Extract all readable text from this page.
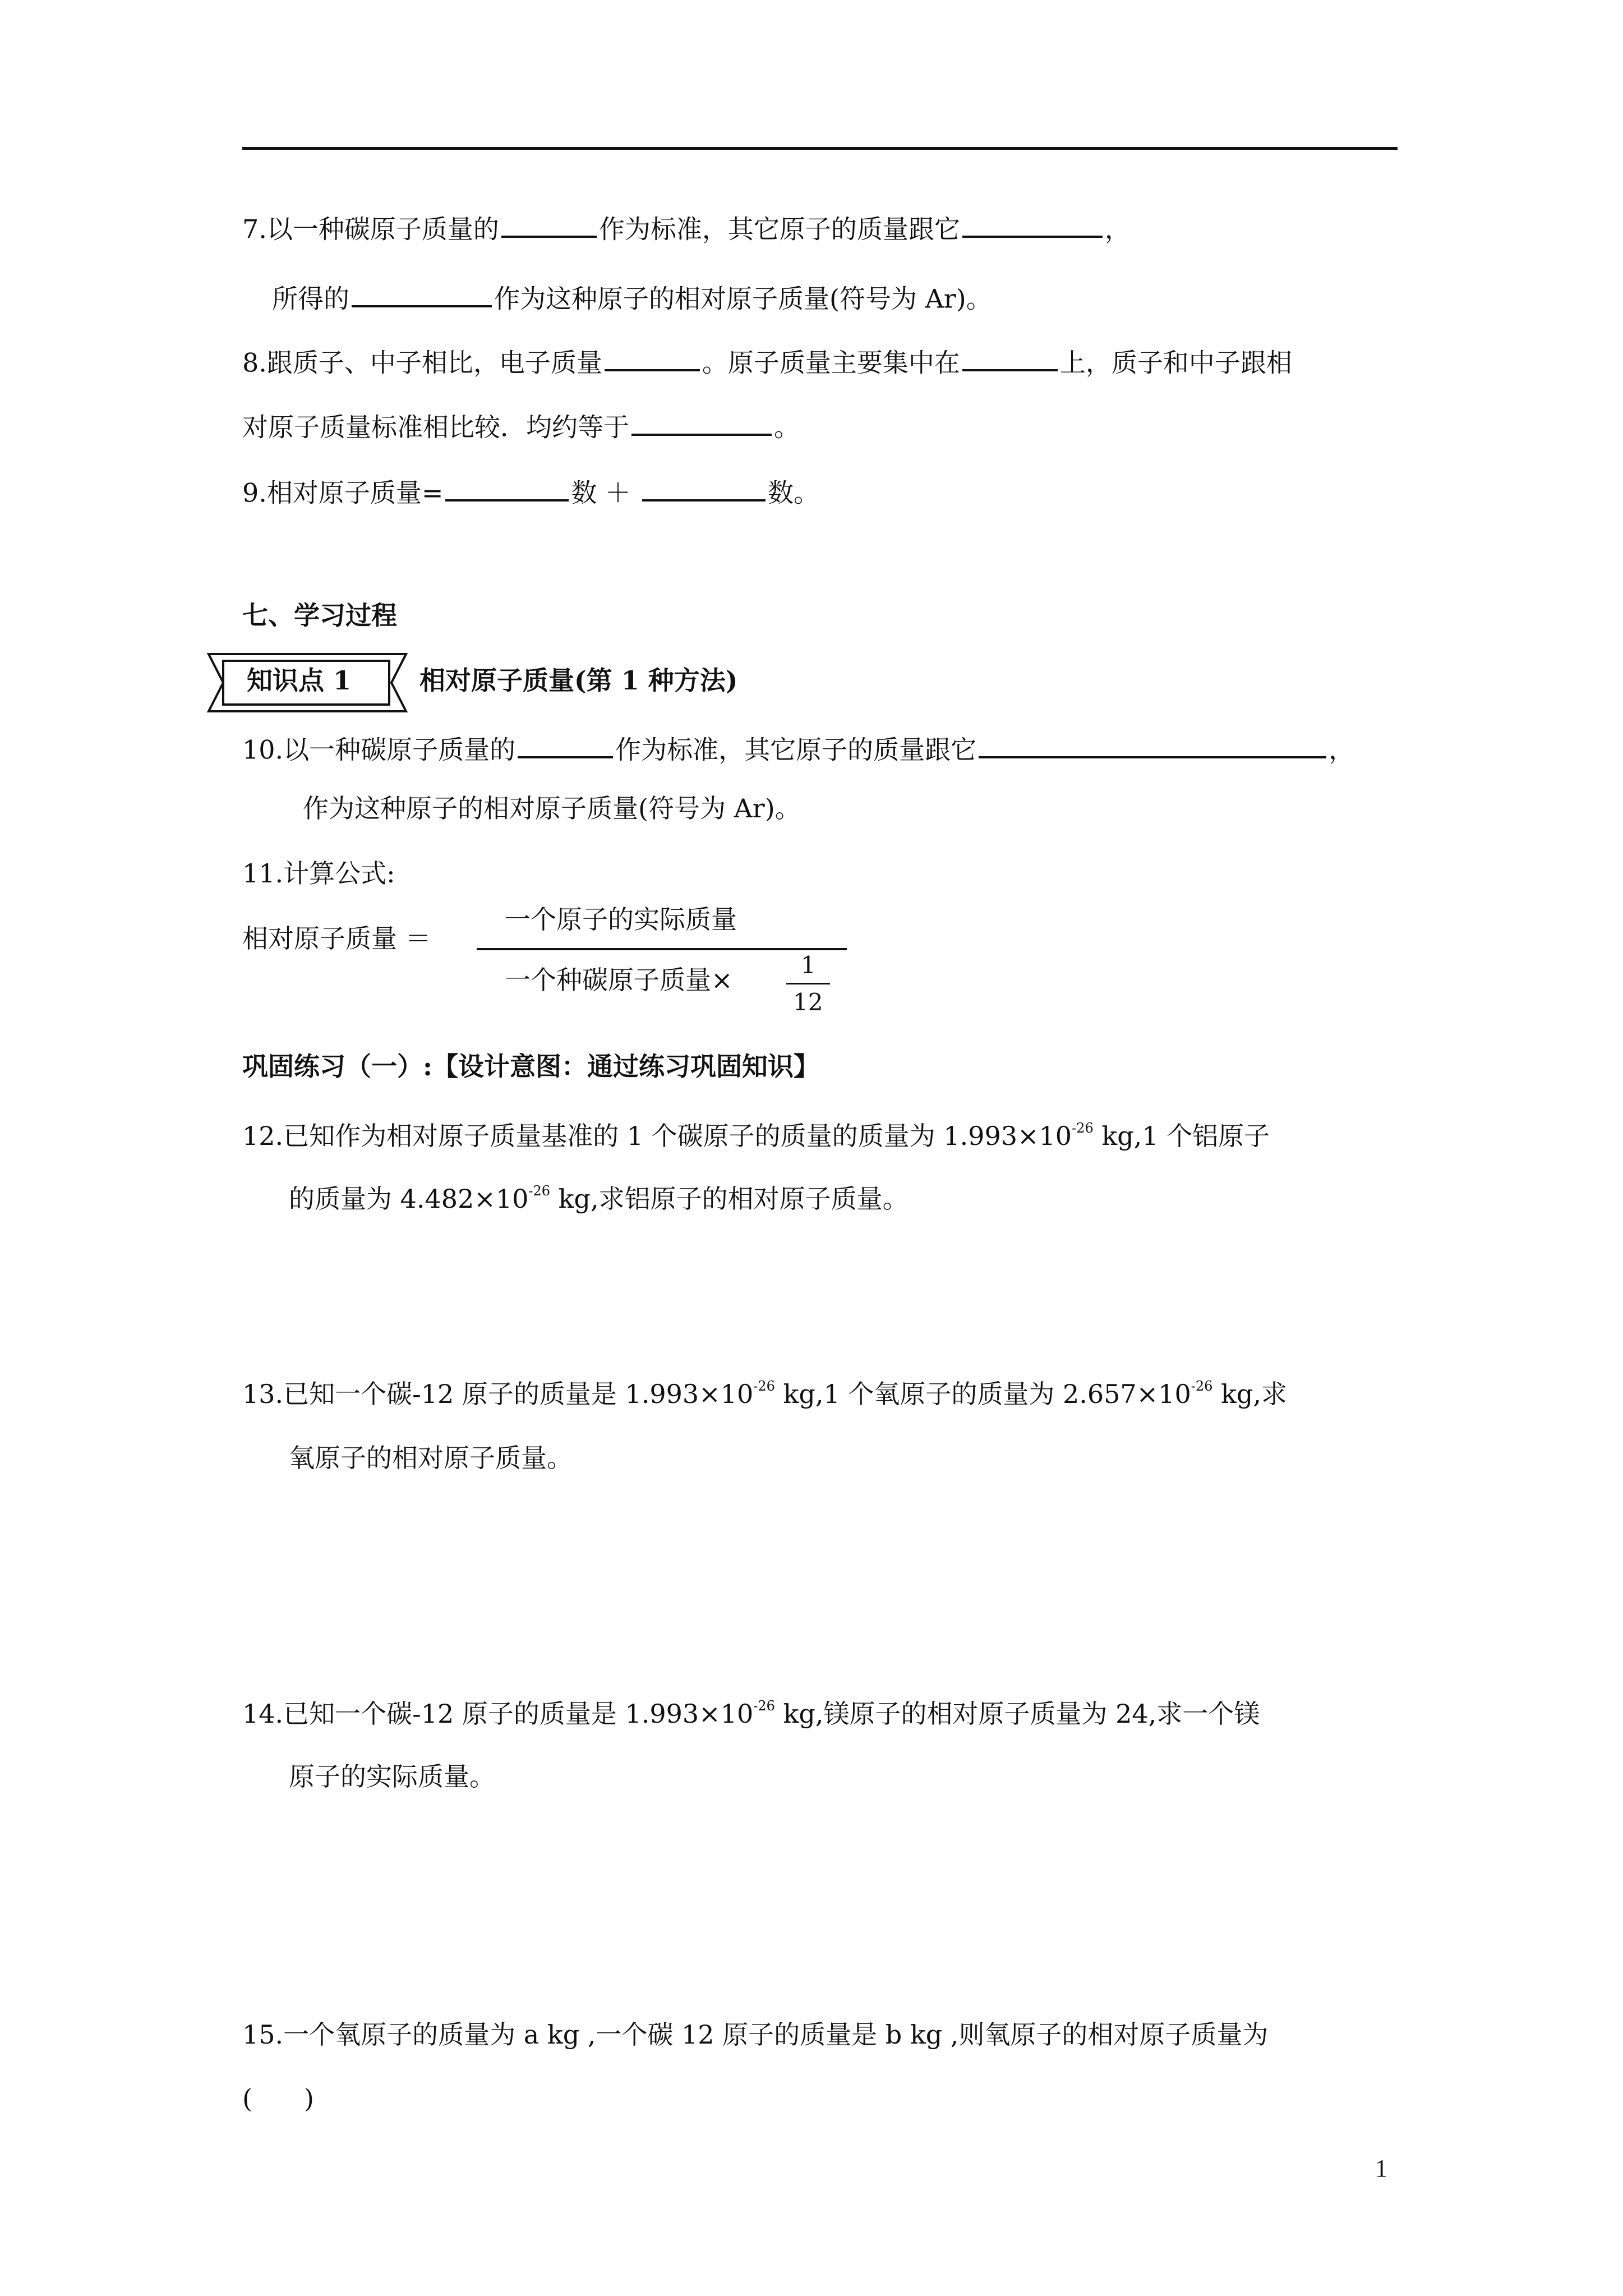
7.以一种碳原子质量的	作为标准，其它原子的质量跟它	，
所得的	作为这种原子的相对原子质量(符号为 Ar)。
8.跟质子、中子相比，电子质量	。原子质量主要集中在	上，质子和中子跟相
对原子质量标准相比较．均约等于	。
9.相对原子质量=	数 ＋	数。
七、学习过程
知识点 1	相对原子质量(第 1 种方法)
10.以一种碳原子质量的	作为标准，其它原子的质量跟它	，
作为这种原子的相对原子质量(符号为 Ar)。
11.计算公式:
相对原子质量 ＝
一个原子的实际质量
一个种碳原子质量×	1
12
巩固练习（一）:【设计意图：通过练习巩固知识】
12.已知作为相对原子质量基准的 1 个碳原子的质量的质量为 $1.993\times 10^{-26}$ kg,1 个铝原子
的质量为 $4.482\times 10^{-26}$ kg,求铝原子的相对原子质量。
13.已知一个碳-12 原子的质量是 $1.993\times 10^{-26}$ kg,1 个氧原子的质量为 $2.657\times 10^{-26}$ kg,求
氧原子的相对原子质量。
14.已知一个碳-12 原子的质量是 $1.993\times 10^{-26}$ kg,镁原子的相对原子质量为 24,求一个镁
原子的实际质量。
15.一个氧原子的质量为 a kg ,一个碳 12 原子的质量是 b kg ,则氧原子的相对原子质量为
(　　)
1
